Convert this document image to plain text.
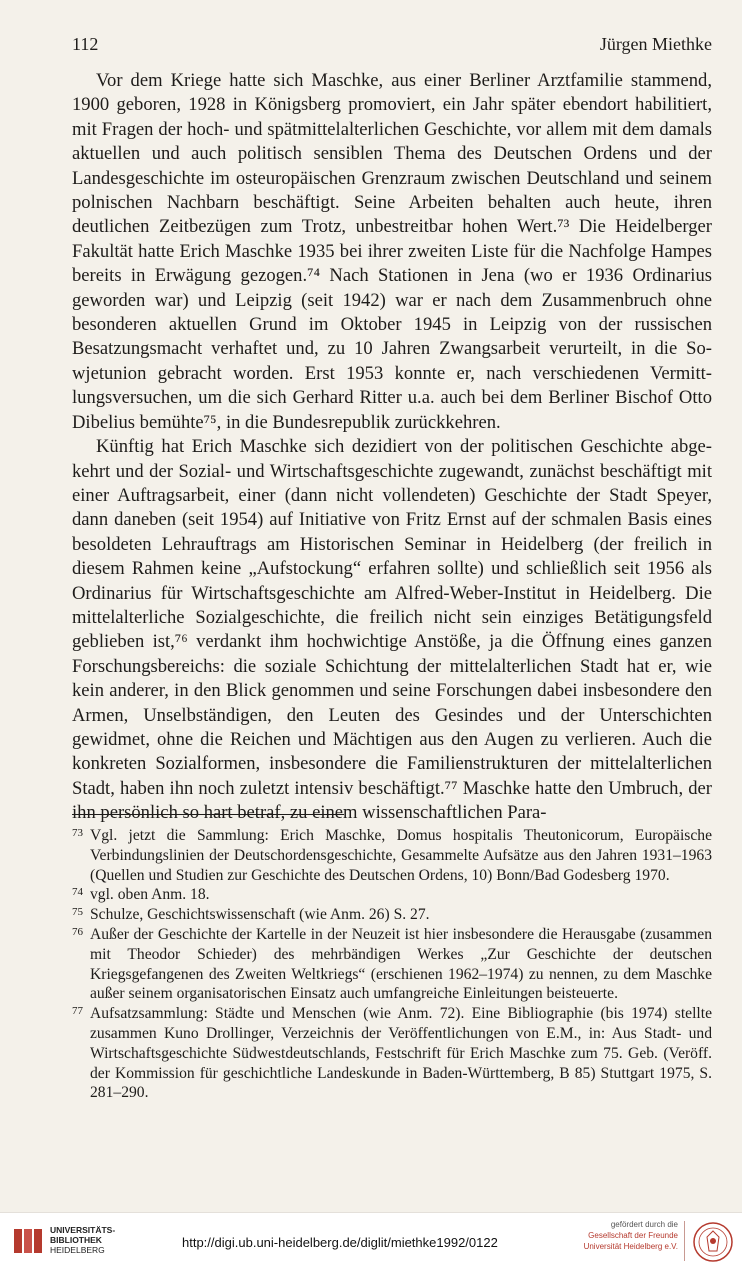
112	Jürgen Miethke

Vor dem Kriege hatte sich Maschke, aus einer Berliner Arztfamilie stammend, 1900 geboren, 1928 in Königsberg promoviert, ein Jahr später ebendort habilitiert, mit Fragen der hoch- und spätmittelalterlichen Geschichte, vor allem mit dem damals aktuellen und auch politisch sensiblen Thema des Deutschen Ordens und der Landesgeschichte im osteuropäischen Grenzraum zwischen Deutschland und seinem polnischen Nachbarn beschäftigt. Seine Arbeiten behalten auch heute, ihren deutlichen Zeitbezügen zum Trotz, unbestreitbar hohen Wert.⁷³ Die Heidelberger Fakultät hatte Erich Maschke 1935 bei ihrer zweiten Liste für die Nachfolge Hampes bereits in Erwägung gezogen.⁷⁴ Nach Stationen in Jena (wo er 1936 Ordinarius geworden war) und Leipzig (seit 1942) war er nach dem Zusammenbruch ohne besonderen aktuellen Grund im Oktober 1945 in Leipzig von der russischen Besatzungsmacht verhaftet und, zu 10 Jahren Zwangsarbeit verurteilt, in die Sowjetunion gebracht worden. Erst 1953 konnte er, nach verschiedenen Vermittlungsversuchen, um die sich Gerhard Ritter u.a. auch bei dem Berliner Bischof Otto Dibelius bemühte⁷⁵, in die Bundesrepublik zurückkehren.

Künftig hat Erich Maschke sich dezidiert von der politischen Geschichte abgekehrt und der Sozial- und Wirtschaftsgeschichte zugewandt, zunächst beschäftigt mit einer Auftragsarbeit, einer (dann nicht vollendeten) Geschichte der Stadt Speyer, dann daneben (seit 1954) auf Initiative von Fritz Ernst auf der schmalen Basis eines besoldeten Lehrauftrags am Historischen Seminar in Heidelberg (der freilich in diesem Rahmen keine „Aufstockung“ erfahren sollte) und schließlich seit 1956 als Ordinarius für Wirtschaftsgeschichte am Alfred-Weber-Institut in Heidelberg. Die mittelalterliche Sozialgeschichte, die freilich nicht sein einziges Betätigungsfeld geblieben ist,⁷⁶ verdankt ihm hochwichtige Anstöße, ja die Öffnung eines ganzen Forschungsbereichs: die soziale Schichtung der mittelalterlichen Stadt hat er, wie kein anderer, in den Blick genommen und seine Forschungen dabei insbesondere den Armen, Unselbständigen, den Leuten des Gesindes und der Unterschichten gewidmet, ohne die Reichen und Mächtigen aus den Augen zu verlieren. Auch die konkreten Sozialformen, insbesondere die Familienstrukturen der mittelalterlichen Stadt, haben ihn noch zuletzt intensiv beschäftigt.⁷⁷ Maschke hatte den Umbruch, der ihn persönlich so hart betraf, zu einem wissenschaftlichen Para-

73 Vgl. jetzt die Sammlung: Erich Maschke, Domus hospitalis Theutonicorum, Europäische Verbindungslinien der Deutschordensgeschichte, Gesammelte Aufsätze aus den Jahren 1931–1963 (Quellen und Studien zur Geschichte des Deutschen Ordens, 10) Bonn/Bad Godesberg 1970.
74 vgl. oben Anm. 18.
75 Schulze, Geschichtswissenschaft (wie Anm. 26) S. 27.
76 Außer der Geschichte der Kartelle in der Neuzeit ist hier insbesondere die Herausgabe (zusammen mit Theodor Schieder) des mehrbändigen Werkes „Zur Geschichte der deutschen Kriegsgefangenen des Zweiten Weltkriegs“ (erschienen 1962–1974) zu nennen, zu dem Maschke außer seinem organisatorischen Einsatz auch umfangreiche Einleitungen beisteuerte.
77 Aufsatzsammlung: Städte und Menschen (wie Anm. 72). Eine Bibliographie (bis 1974) stellte zusammen Kuno Drollinger, Verzeichnis der Veröffentlichungen von E.M., in: Aus Stadt- und Wirtschaftsgeschichte Südwestdeutschlands, Festschrift für Erich Maschke zum 75. Geb. (Veröff. der Kommission für geschichtliche Landeskunde in Baden-Württemberg, B 85) Stuttgart 1975, S. 281–290.
UNIVERSITÄTS-
BIBLIOTHEK
HEIDELBERG	http://digi.ub.uni-heidelberg.de/diglit/miethke1992/0122
gefördert durch die
Gesellschaft der Freunde
Universität Heidelberg e.V.
